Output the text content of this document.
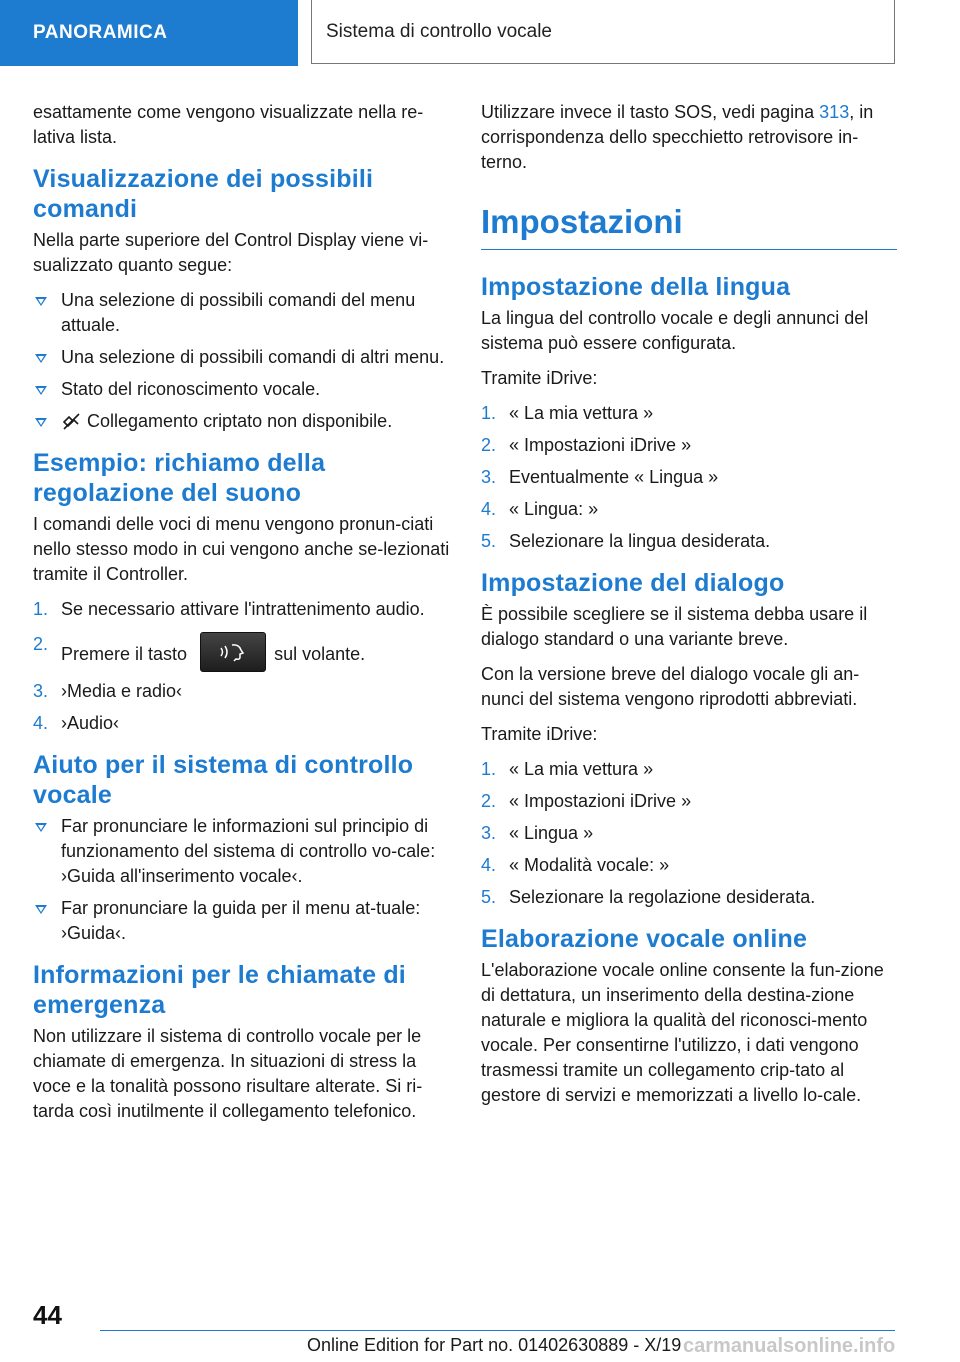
PANORAMICA	Sistema di controllo vocale

esattamente come vengono visualizzate nella re-lativa lista.

Visualizzazione dei possibili comandi

Nella parte superiore del Control Display viene vi-sualizzato quanto segue:

Una selezione di possibili comandi del menu attuale.
Una selezione di possibili comandi di altri menu.
Stato del riconoscimento vocale.
Collegamento criptato non disponibile.
Esempio: richiamo della regolazione del suono

I comandi delle voci di menu vengono pronun-ciati nello stesso modo in cui vengono anche se-lezionati tramite il Controller.

1. Se necessario attivare l'intrattenimento audio.
2. Premere il tasto	sul volante.
3. ›Media e radio‹
4. ›Audio‹
Aiuto per il sistema di controllo vocale
Far pronunciare le informazioni sul principio di funzionamento del sistema di controllo vo-cale: ›Guida all'inserimento vocale‹.
Far pronunciare la guida per il menu at-tuale: ›Guida‹.
Informazioni per le chiamate di emergenza

Non utilizzare il sistema di controllo vocale per le chiamate di emergenza. In situazioni di stress la voce e la tonalità possono risultare alterate. Si ri-tarda così inutilmente il collegamento telefonico.

Utilizzare invece il tasto SOS, vedi pagina 313, in corrispondenza dello specchietto retrovisore in-terno.

Impostazioni
Impostazione della lingua

La lingua del controllo vocale e degli annunci del sistema può essere configurata.

Tramite iDrive:

1. « La mia vettura »
2. « Impostazioni iDrive »
3. Eventualmente « Lingua »
4. « Lingua: »
5. Selezionare la lingua desiderata.
Impostazione del dialogo

È possibile scegliere se il sistema debba usare il dialogo standard o una variante breve.

Con la versione breve del dialogo vocale gli an-nunci del sistema vengono riprodotti abbreviati.

Tramite iDrive:

1. « La mia vettura »
2. « Impostazioni iDrive »
3. « Lingua »
4. « Modalità vocale: »
5. Selezionare la regolazione desiderata.
Elaborazione vocale online

L'elaborazione vocale online consente la fun-zione di dettatura, un inserimento della destina-zione naturale e migliora la qualità del riconosci-mento vocale. Per consentirne l'utilizzo, i dati vengono trasmessi tramite un collegamento crip-tato al gestore di servizi e memorizzati a livello lo-cale.

44
Online Edition for Part no. 01402630889 - X/19 carmanualsonline.info
